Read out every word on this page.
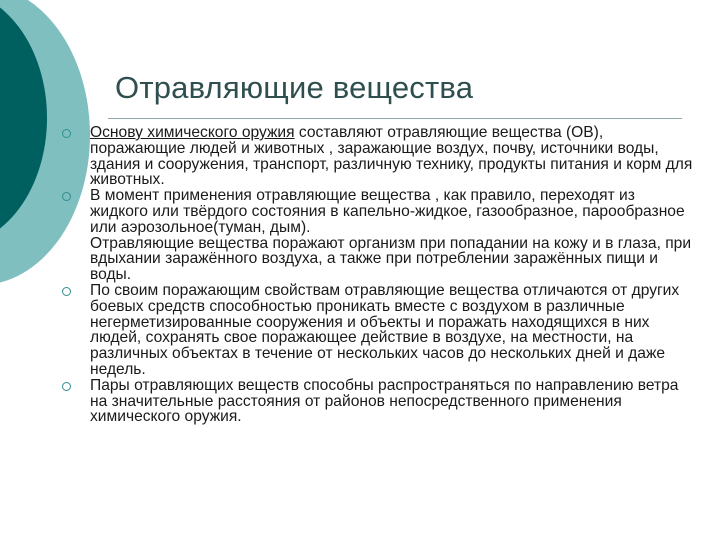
Отравляющие вещества
Основу химического оружия составляют отравляющие вещества (ОВ), поражающие людей и животных , заражающие воздух, почву, источники воды, здания и сооружения, транспорт, различную технику, продукты питания и корм для животных.
В момент применения отравляющие вещества , как правило, переходят из жидкого или твёрдого состояния в капельно-жидкое, газообразное, парообразное или аэрозольное(туман, дым).
Отравляющие вещества поражают организм при попадании на кожу и в глаза, при вдыхании заражённого воздуха, а также при потреблении заражённых пищи и воды.
По своим поражающим свойствам отравляющие вещества отличаются от других боевых средств способностью проникать вместе с воздухом в различные негерметизированные сооружения и объекты и поражать находящихся в них людей, сохранять свое поражающее действие в воздухе, на местности, на различных объектах в течение от нескольких часов до нескольких дней и даже недель.
Пары отравляющих веществ способны распространяться по направлению ветра на значительные расстояния от районов непосредственного применения химического оружия.
